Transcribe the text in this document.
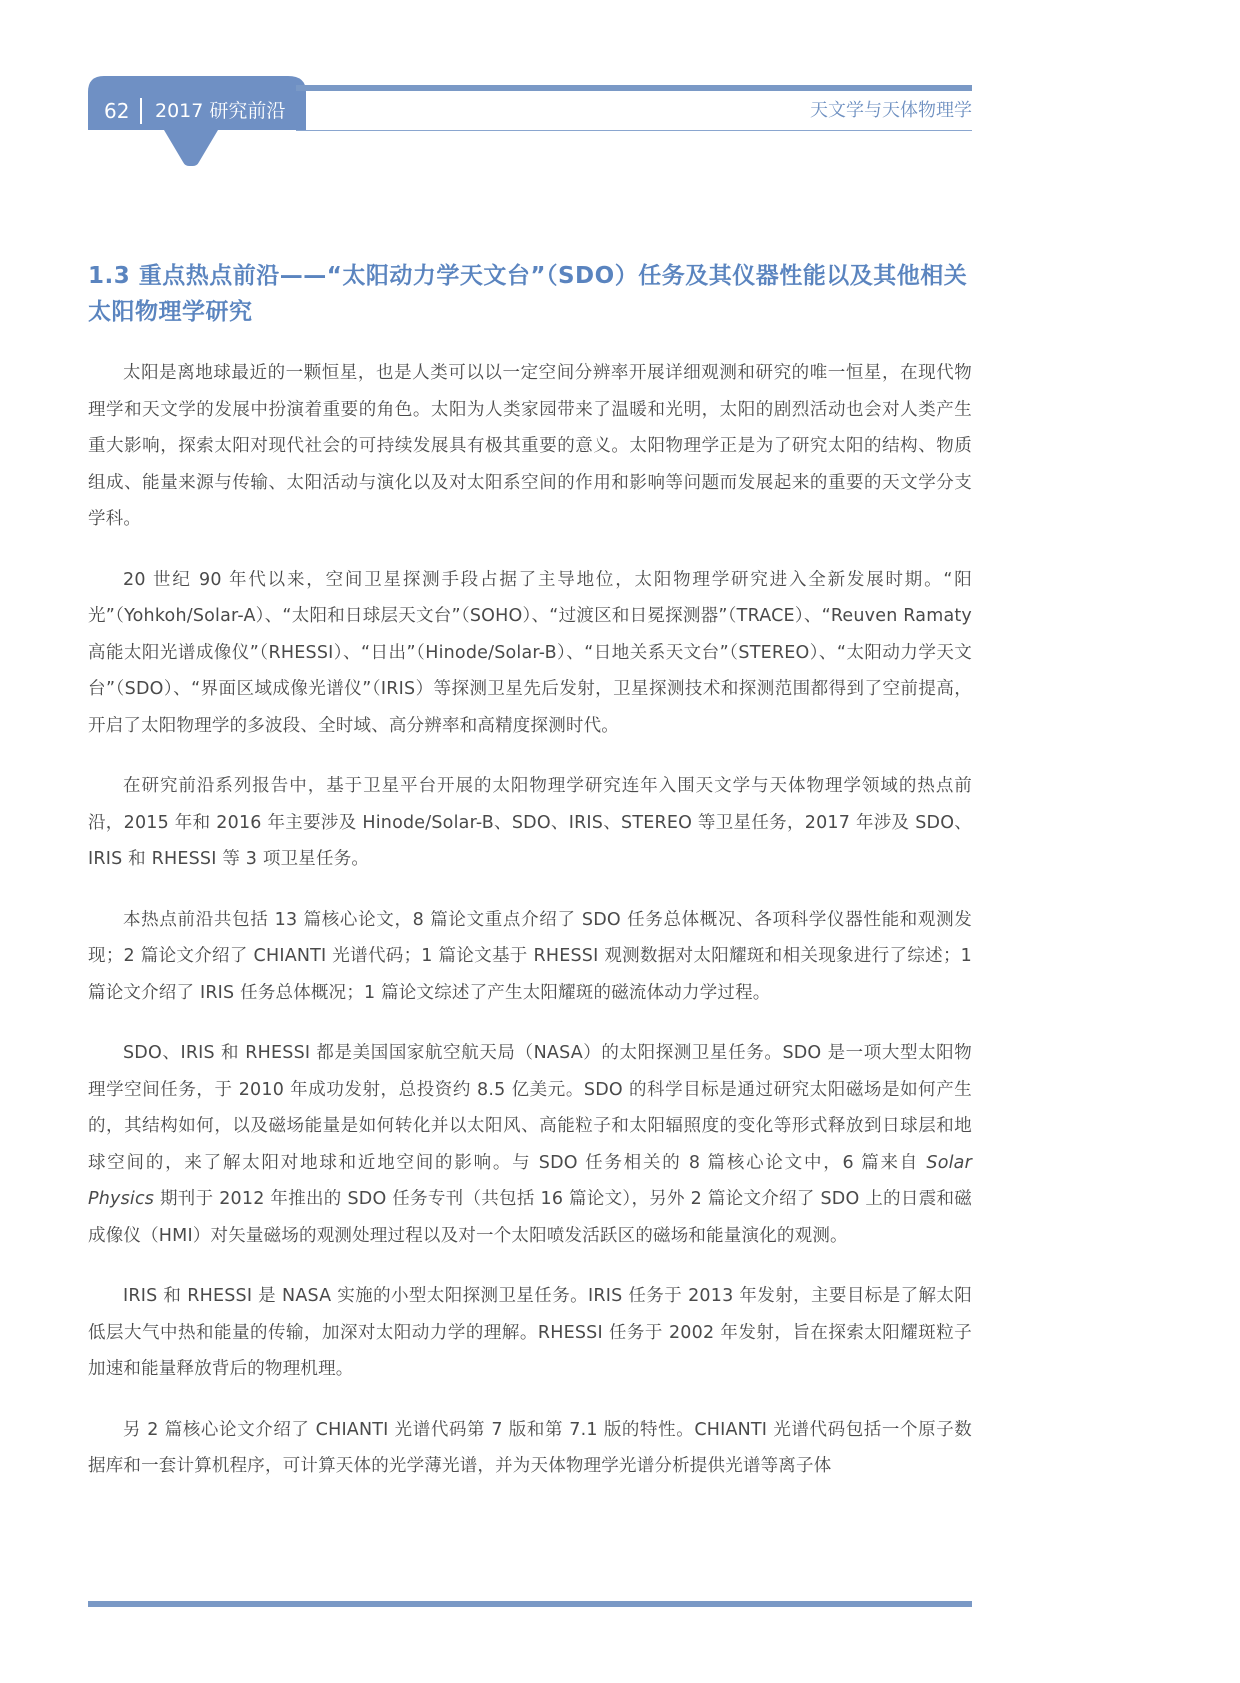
62 2017 研究前沿	天文学与天体物理学
1.3 重点热点前沿——“太阳动力学天文台”（SDO）任务及其仪器性能以及其他相关太阳物理学研究

太阳是离地球最近的一颗恒星，也是人类可以以一定空间分辨率开展详细观测和研究的唯一恒星，在现代物理学和天文学的发展中扮演着重要的角色。太阳为人类家园带来了温暖和光明，太阳的剧烈活动也会对人类产生重大影响，探索太阳对现代社会的可持续发展具有极其重要的意义。太阳物理学正是为了研究太阳的结构、物质组成、能量来源与传输、太阳活动与演化以及对太阳系空间的作用和影响等问题而发展起来的重要的天文学分支学科。

20 世纪 90 年代以来，空间卫星探测手段占据了主导地位，太阳物理学研究进入全新发展时期。“阳光”（Yohkoh/Solar-A）、“太阳和日球层天文台”（SOHO）、“过渡区和日冕探测器”（TRACE）、“Reuven Ramaty 高能太阳光谱成像仪”（RHESSI）、“日出”（Hinode/Solar-B）、“日地关系天文台”（STEREO）、“太阳动力学天文台”（SDO）、“界面区域成像光谱仪”（IRIS）等探测卫星先后发射，卫星探测技术和探测范围都得到了空前提高，开启了太阳物理学的多波段、全时域、高分辨率和高精度探测时代。

在研究前沿系列报告中，基于卫星平台开展的太阳物理学研究连年入围天文学与天体物理学领域的热点前沿，2015 年和 2016 年主要涉及 Hinode/Solar-B、SDO、IRIS、STEREO 等卫星任务，2017 年涉及 SDO、IRIS 和 RHESSI 等 3 项卫星任务。

本热点前沿共包括 13 篇核心论文，8 篇论文重点介绍了 SDO 任务总体概况、各项科学仪器性能和观测发现；2 篇论文介绍了 CHIANTI 光谱代码；1 篇论文基于 RHESSI 观测数据对太阳耀斑和相关现象进行了综述；1 篇论文介绍了 IRIS 任务总体概况；1 篇论文综述了产生太阳耀斑的磁流体动力学过程。

SDO、IRIS 和 RHESSI 都是美国国家航空航天局（NASA）的太阳探测卫星任务。SDO 是一项大型太阳物理学空间任务，于 2010 年成功发射，总投资约 8.5 亿美元。SDO 的科学目标是通过研究太阳磁场是如何产生的，其结构如何，以及磁场能量是如何转化并以太阳风、高能粒子和太阳辐照度的变化等形式释放到日球层和地球空间的，来了解太阳对地球和近地空间的影响。与 SDO 任务相关的 8 篇核心论文中，6 篇来自 Solar Physics 期刊于 2012 年推出的 SDO 任务专刊（共包括 16 篇论文），另外 2 篇论文介绍了 SDO 上的日震和磁成像仪（HMI）对矢量磁场的观测处理过程以及对一个太阳喷发活跃区的磁场和能量演化的观测。

IRIS 和 RHESSI 是 NASA 实施的小型太阳探测卫星任务。IRIS 任务于 2013 年发射，主要目标是了解太阳低层大气中热和能量的传输，加深对太阳动力学的理解。RHESSI 任务于 2002 年发射，旨在探索太阳耀斑粒子加速和能量释放背后的物理机理。

另 2 篇核心论文介绍了 CHIANTI 光谱代码第 7 版和第 7.1 版的特性。CHIANTI 光谱代码包括一个原子数据库和一套计算机程序，可计算天体的光学薄光谱，并为天体物理学光谱分析提供光谱等离子体
